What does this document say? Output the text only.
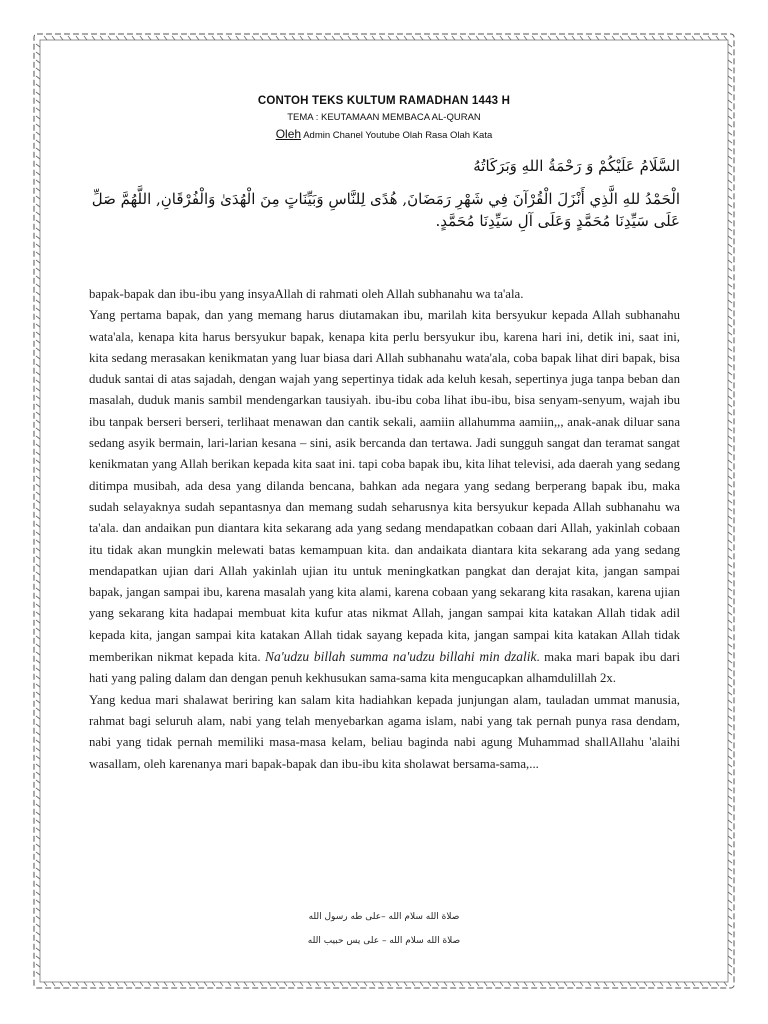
CONTOH TEKS KULTUM RAMADHAN 1443 H
TEMA : KEUTAMAAN MEMBACA AL-QURAN
Oleh Admin Chanel Youtube Olah Rasa Olah Kata
السَّلَامُ عَلَيْكُمْ وَ رَحْمَةُ اللهِ وَبَرَكَاتُهُ
الْحَمْدُ للهِ الَّذِي أَنْزَلَ الْقُرْآنَ فِي شَهْرِ رَمَضَانَ, هُدًى لِلنَّاسِ وَبَيِّنَاتٍ مِنَ الْهُدَىٰ وَالْفُرْقَانِ, اللَّهُمَّ صَلِّ عَلَى سَيِّدِنَا مُحَمَّدٍ وَعَلَى آلِ سَيِّدِنَا مُحَمَّدٍ.

bapak-bapak dan ibu-ibu yang insyaAllah di rahmati oleh Allah subhanahu wa ta'ala.

Yang pertama bapak, dan yang memang harus diutamakan ibu, marilah kita bersyukur kepada Allah subhanahu wata'ala, kenapa kita harus bersyukur bapak, kenapa kita perlu bersyukur ibu, karena hari ini, detik ini, saat ini, kita sedang merasakan kenikmatan yang luar biasa dari Allah subhanahu wata'ala, coba bapak lihat diri bapak, bisa duduk santai di atas sajadah, dengan wajah yang sepertinya tidak ada keluh kesah, sepertinya juga tanpa beban dan masalah, duduk manis sambil mendengarkan tausiyah. ibu-ibu coba lihat ibu-ibu, bisa senyam-senyum, wajah ibu ibu tanpak berseri berseri, terlihaat menawan dan cantik sekali, aamiin allahumma aamiin,,, anak-anak diluar sana sedang asyik bermain, lari-larian kesana – sini, asik bercanda dan tertawa. Jadi sungguh sangat dan teramat sangat kenikmatan yang Allah berikan kepada kita saat ini. tapi coba bapak ibu, kita lihat televisi, ada daerah yang sedang ditimpa musibah, ada desa yang dilanda bencana, bahkan ada negara yang sedang berperang bapak ibu, maka sudah selayaknya sudah sepantasnya dan memang sudah seharusnya kita bersyukur kepada Allah subhanahu wa ta'ala. dan andaikan pun diantara kita sekarang ada yang sedang mendapatkan cobaan dari Allah, yakinlah cobaan itu tidak akan mungkin melewati batas kemampuan kita. dan andaikata diantara kita sekarang ada yang sedang mendapatkan ujian dari Allah yakinlah ujian itu untuk meningkatkan pangkat dan derajat kita, jangan sampai bapak, jangan sampai ibu, karena masalah yang kita alami, karena cobaan yang sekarang kita rasakan, karena ujian yang sekarang kita hadapai membuat kita kufur atas nikmat Allah, jangan sampai kita katakan Allah tidak adil kepada kita, jangan sampai kita katakan Allah tidak sayang kepada kita, jangan sampai kita katakan Allah tidak memberikan nikmat kepada kita. Na'udzu billah summa na'udzu billahi min dzalik. maka mari bapak ibu dari hati yang paling dalam dan dengan penuh kekhusukan sama-sama kita mengucapkan alhamdulillah 2x.

Yang kedua mari shalawat beriring kan salam kita hadiahkan kepada junjungan alam, tauladan ummat manusia, rahmat bagi seluruh alam, nabi yang telah menyebarkan agama islam, nabi yang tak pernah punya rasa dendam, nabi yang tidak pernah memiliki masa-masa kelam, beliau baginda nabi agung Muhammad shallAllahu 'alaihi wasallam, oleh karenanya mari bapak-bapak dan ibu-ibu kita sholawat bersama-sama,...

صلاة الله سلام الله –على طه رسول الله
صلاة الله سلام الله – على يس حبيب الله
